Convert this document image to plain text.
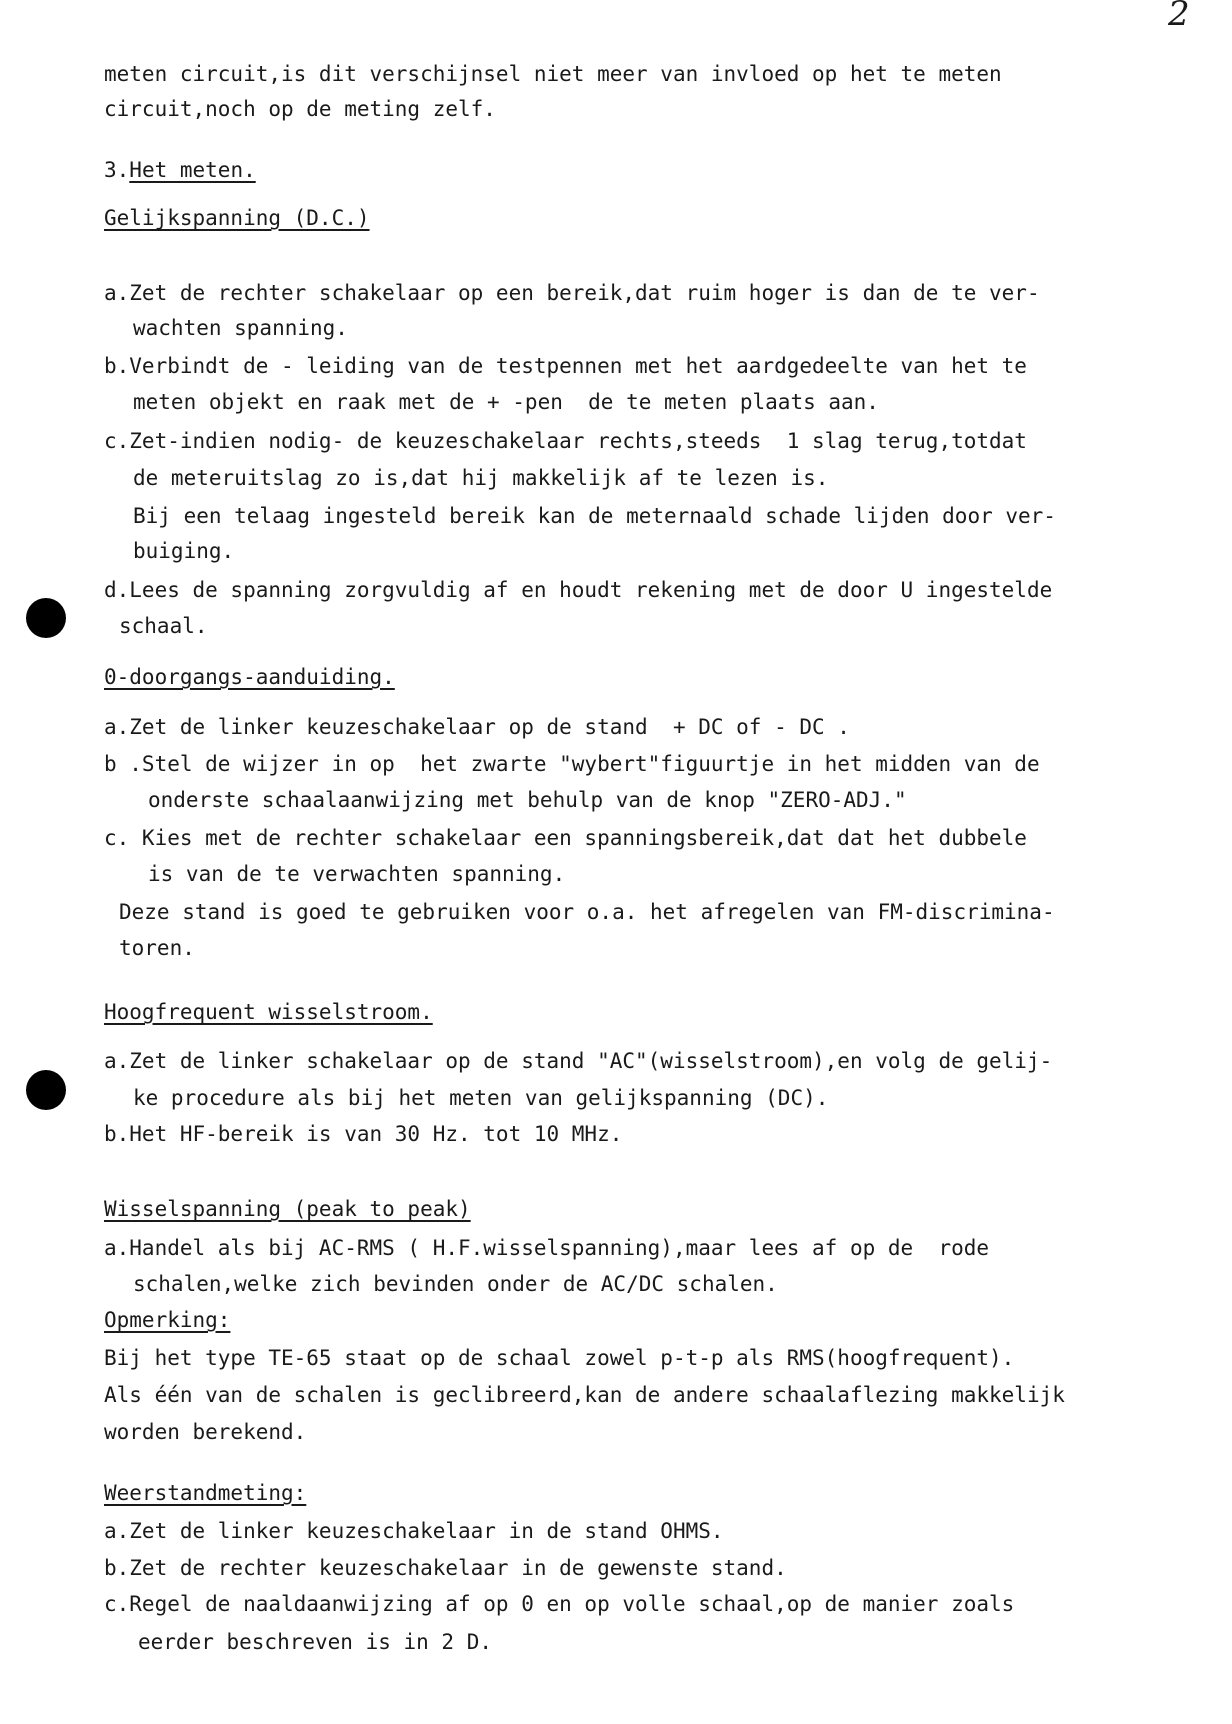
2
meten circuit,is dit verschijnsel niet meer van invloed op het te meten
circuit,noch op de meting zelf.
3.Het meten.
Gelijkspanning (D.C.)
a.Zet de rechter schakelaar op een bereik,dat ruim hoger is dan de te ver-
wachten spanning.
b.Verbindt de - leiding van de testpennen met het aardgedeelte van het te
meten objekt en raak met de + -pen  de te meten plaats aan.
c.Zet-indien nodig- de keuzeschakelaar rechts,steeds  1 slag terug,totdat
de meteruitslag zo is,dat hij makkelijk af te lezen is.
Bij een telaag ingesteld bereik kan de meternaald schade lijden door ver-
buiging.
d.Lees de spanning zorgvuldig af en houdt rekening met de door U ingestelde
schaal.
0-doorgangs-aanduiding.
a.Zet de linker keuzeschakelaar op de stand  + DC of - DC .
b .Stel de wijzer in op  het zwarte "wybert"figuurtje in het midden van de
onderste schaalaanwijzing met behulp van de knop "ZERO-ADJ."
c. Kies met de rechter schakelaar een spanningsbereik,dat dat het dubbele
is van de te verwachten spanning.
Deze stand is goed te gebruiken voor o.a. het afregelen van FM-discrimina-
toren.
Hoogfrequent wisselstroom.
a.Zet de linker schakelaar op de stand "AC"(wisselstroom),en volg de gelij-
ke procedure als bij het meten van gelijkspanning (DC).
b.Het HF-bereik is van 30 Hz. tot 10 MHz.
Wisselspanning (peak to peak)
a.Handel als bij AC-RMS ( H.F.wisselspanning),maar lees af op de  rode
schalen,welke zich bevinden onder de AC/DC schalen.
Opmerking:
Bij het type TE-65 staat op de schaal zowel p-t-p als RMS(hoogfrequent).
Als één van de schalen is geclibreerd,kan de andere schaalaflezing makkelijk
worden berekend.
Weerstandmeting:
a.Zet de linker keuzeschakelaar in de stand OHMS.
b.Zet de rechter keuzeschakelaar in de gewenste stand.
c.Regel de naaldaanwijzing af op 0 en op volle schaal,op de manier zoals
eerder beschreven is in 2 D.
